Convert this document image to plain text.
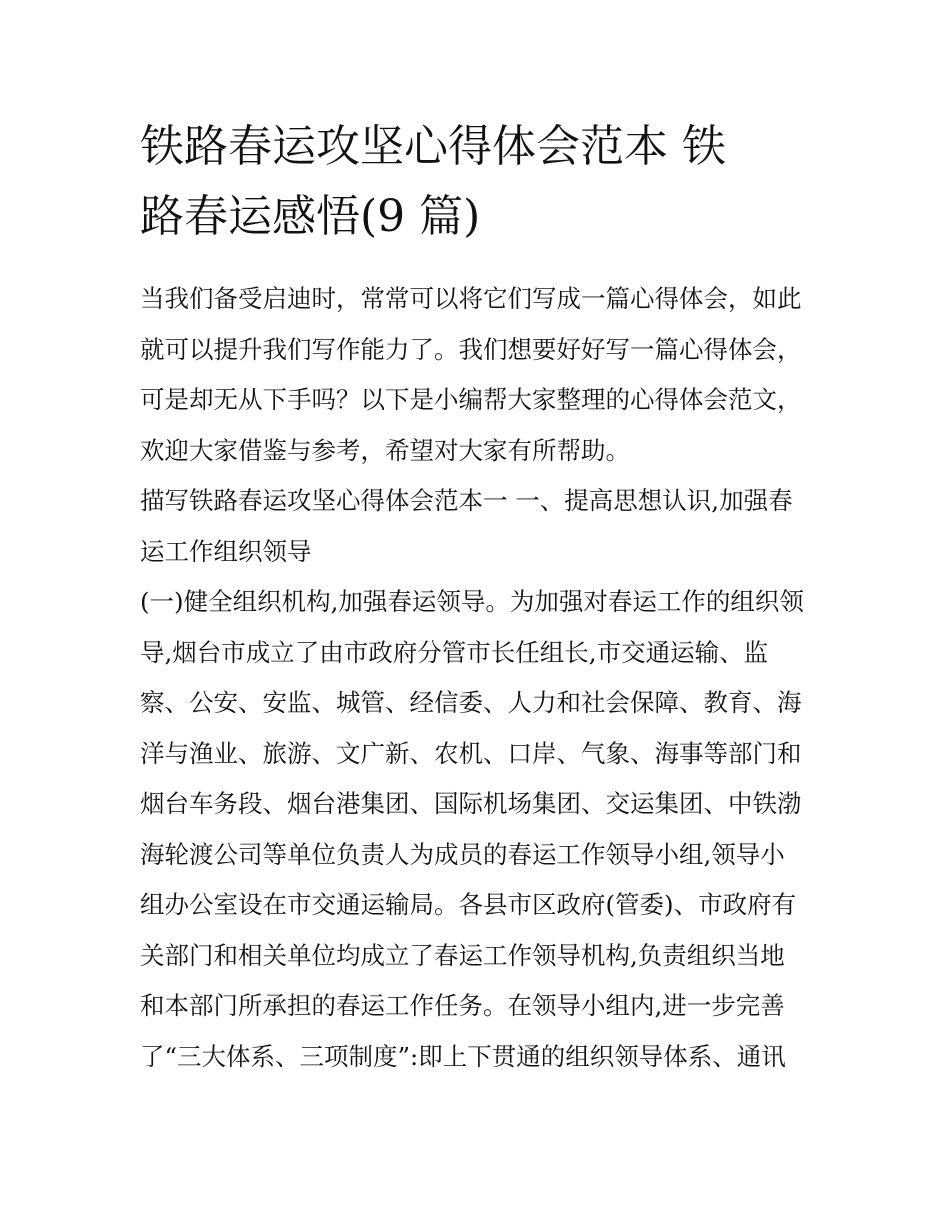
铁路春运攻坚心得体会范本 铁
路春运感悟(9 篇)
当我们备受启迪时，常常可以将它们写成一篇心得体会，如此
就可以提升我们写作能力了。我们想要好好写一篇心得体会，
可是却无从下手吗？以下是小编帮大家整理的心得体会范文，
欢迎大家借鉴与参考，希望对大家有所帮助。
描写铁路春运攻坚心得体会范本一 一、提高思想认识,加强春
运工作组织领导
(一)健全组织机构,加强春运领导。为加强对春运工作的组织领
导,烟台市成立了由市政府分管市长任组长,市交通运输、监
察、公安、安监、城管、经信委、人力和社会保障、教育、海
洋与渔业、旅游、文广新、农机、口岸、气象、海事等部门和
烟台车务段、烟台港集团、国际机场集团、交运集团、中铁渤
海轮渡公司等单位负责人为成员的春运工作领导小组,领导小
组办公室设在市交通运输局。各县市区政府(管委)、市政府有
关部门和相关单位均成立了春运工作领导机构,负责组织当地
和本部门所承担的春运工作任务。在领导小组内,进一步完善
了“三大体系、三项制度”:即上下贯通的组织领导体系、通讯
